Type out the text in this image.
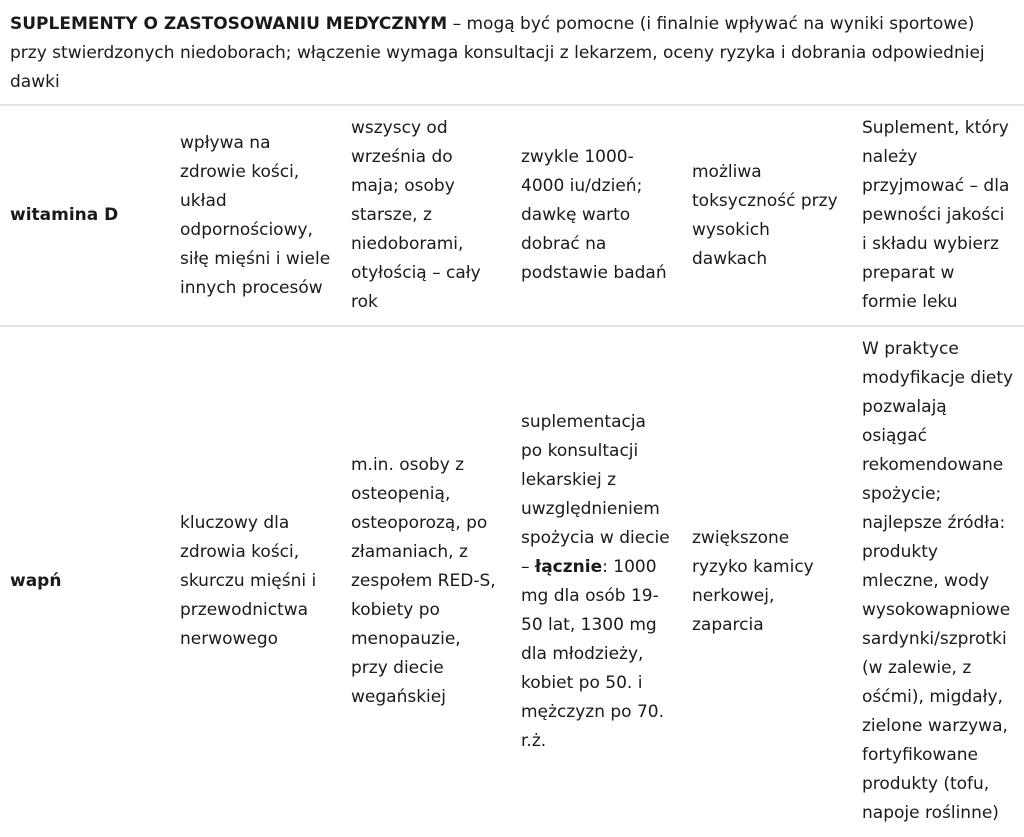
SUPLEMENTY O ZASTOSOWANIU MEDYCZNYM – mogą być pomocne (i finalnie wpływać na wyniki sportowe) przy stwierdzonych niedoborach; włączenie wymaga konsultacji z lekarzem, oceny ryzyka i dobrania odpowiedniej dawki
witamina D	wpływa na zdrowie kości, układ odpornościowy, siłę mięśni i wiele innych procesów	wszyscy od września do maja; osoby starsze, z niedoborami, otyłością – cały rok	zwykle 1000-4000 iu/dzień; dawkę warto dobrać na podstawie badań	możliwa toksyczność przy wysokich dawkach	Suplement, który należy przyjmować – dla pewności jakości i składu wybierz preparat w formie leku
wapń	kluczowy dla zdrowia kości, skurczu mięśni i przewodnictwa nerwowego	m.in. osoby z osteopenią, osteoporozą, po złamaniach, z zespołem RED-S, kobiety po menopauzie, przy diecie wegańskiej	suplementacja po konsultacji lekarskiej z uwzględnieniem spożycia w diecie – łącznie: 1000 mg dla osób 19-50 lat, 1300 mg dla młodzieży, kobiet po 50. i mężczyzn po 70. r.ż.	zwiększone ryzyko kamicy nerkowej, zaparcia	W praktyce modyfikacje diety pozwalają osiągać rekomendowane spożycie; najlepsze źródła: produkty mleczne, wody wysokowapniowe sardynki/szprotki (w zalewie, z ośćmi), migdały, zielone warzywa, fortyfikowane produkty (tofu, napoje roślinne)
